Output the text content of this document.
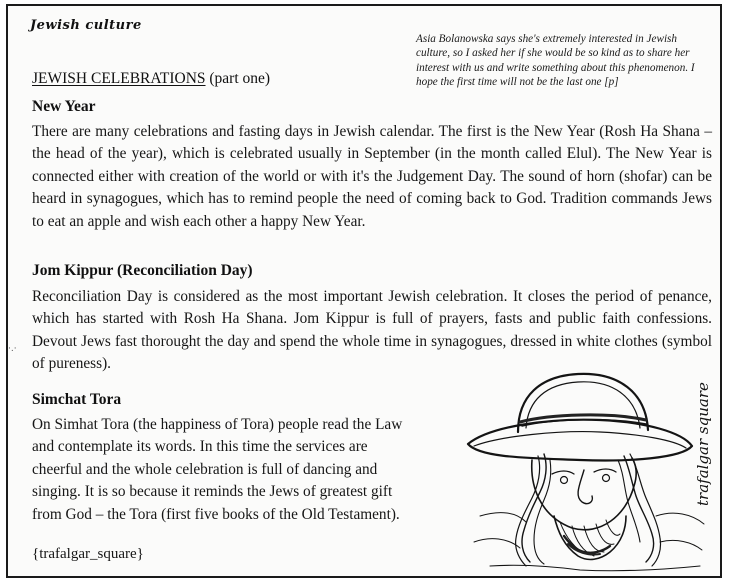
·.·
Jewish culture
Asia Bolanowska says she's extremely interested in Jewish culture, so I asked her if she would be so kind as to share her interest with us and write something about this phenomenon. I hope the first time will not be the last one [p]
JEWISH CELEBRATIONS (part one)
New Year
There are many celebrations and fasting days in Jewish calendar. The first is the New Year (Rosh Ha Shana – the head of the year), which is celebrated usually in September (in the month called Elul). The New Year is connected either with creation of the world or with it's the Judgement Day. The sound of horn (shofar) can be heard in synagogues, which has to remind people the need of coming back to God. Tradition commands Jews to eat an apple and wish each other a happy New Year.
Jom Kippur (Reconciliation Day)
Reconciliation Day is considered as the most important Jewish celebration. It closes the period of penance, which has started with Rosh Ha Shana. Jom Kippur is full of prayers, fasts and public faith confessions. Devout Jews fast thorought the day and spend the whole time in synagogues, dressed in white clothes (symbol of pureness).
Simchat Tora
On Simhat Tora (the happiness of Tora) people read the Law and contemplate its words. In this time the services are cheerful and the whole celebration is full of dancing and singing. It is so because it reminds the Jews of greatest gift from God – the Tora (first five books of the Old Testament).
{trafalgar_square}
trafalgar square
